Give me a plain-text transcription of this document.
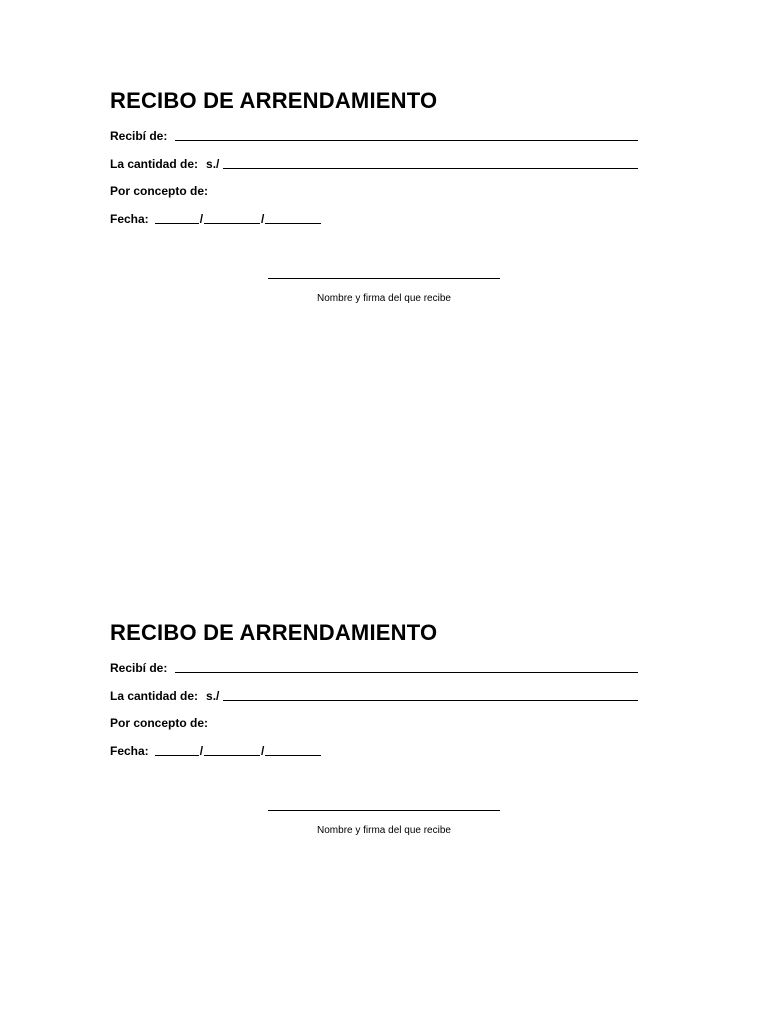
RECIBO DE ARRENDAMIENTO
Recibí de:
La cantidad de: s./
Por concepto de:
Fecha:	/	/
Nombre y firma del que recibe
RECIBO DE ARRENDAMIENTO
Recibí de:
La cantidad de: s./
Por concepto de:
Fecha:	/	/
Nombre y firma del que recibe
